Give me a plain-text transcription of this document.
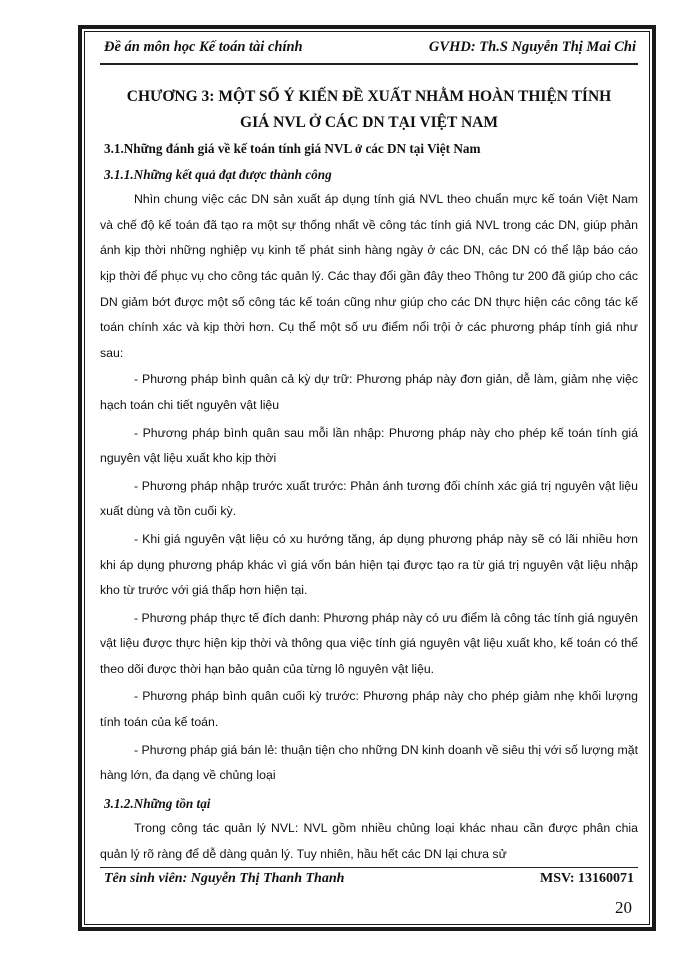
Đề án môn học Kế toán tài chính	GVHD: Th.S Nguyễn Thị Mai Chi
CHƯƠNG 3: MỘT SỐ Ý KIẾN ĐỀ XUẤT NHẰM HOÀN THIỆN TÍNH
GIÁ NVL Ở CÁC DN TẠI VIỆT NAM

3.1.Những đánh giá về kế toán tính giá NVL ở các DN tại Việt Nam

3.1.1.Những kết quả đạt được thành công

Nhìn chung việc các DN sản xuất áp dụng tính giá NVL theo chuẩn mực kế toán Việt Nam và chế độ kế toán đã tạo ra một sự thống nhất về công tác tính giá NVL trong các DN, giúp phản ánh kịp thời những nghiệp vụ kinh tế phát sinh hàng ngày ở các DN, các DN có thể lập báo cáo kịp thời để phục vụ cho công tác quản lý. Các thay đổi gần đây theo Thông tư 200 đã giúp cho các DN giảm bớt được một số công tác kế toán cũng như giúp cho các DN thực hiện các công tác kế toán chính xác và kịp thời hơn. Cụ thể một số ưu điểm nổi trội ở các phương pháp tính giá như sau:

- Phương pháp bình quân cả kỳ dự trữ: Phương pháp này đơn giản, dễ làm, giảm nhẹ việc hạch toán chi tiết nguyên vật liệu

- Phương pháp bình quân sau mỗi lần nhập: Phương pháp này cho phép kế toán tính giá nguyên vật liệu xuất kho kịp thời

- Phương pháp nhập trước xuất trước: Phản ánh tương đối chính xác giá trị nguyên vật liệu xuất dùng và tồn cuối kỳ.

- Khi giá nguyên vật liệu có xu hướng tăng, áp dụng phương pháp này sẽ có lãi nhiều hơn khi áp dụng phương pháp khác vì giá vốn bán hiện tại được tạo ra từ giá trị nguyên vật liệu nhập kho từ trước với giá thấp hơn hiện tại.

- Phương pháp thực tế đích danh: Phương pháp này có ưu điểm là công tác tính giá nguyên vật liệu được thực hiện kịp thời và thông qua việc tính giá nguyên vật liệu xuất kho, kế toán có thể theo dõi được thời hạn bảo quản của từng lô nguyên vật liệu.

- Phương pháp bình quân cuối kỳ trước: Phương pháp này cho phép giảm nhẹ khối lượng tính toán của kế toán.

- Phương pháp giá bán lẻ: thuận tiện cho những DN kinh doanh về siêu thị với số lượng mặt hàng lớn, đa dạng về chủng loại

3.1.2.Những tồn tại

Trong công tác quản lý NVL: NVL gồm nhiều chủng loại khác nhau cần được phân chia quản lý rõ ràng để dễ dàng quản lý. Tuy nhiên, hầu hết các DN lại chưa sử

Tên sinh viên: Nguyễn Thị Thanh Thanh	MSV: 13160071
20
